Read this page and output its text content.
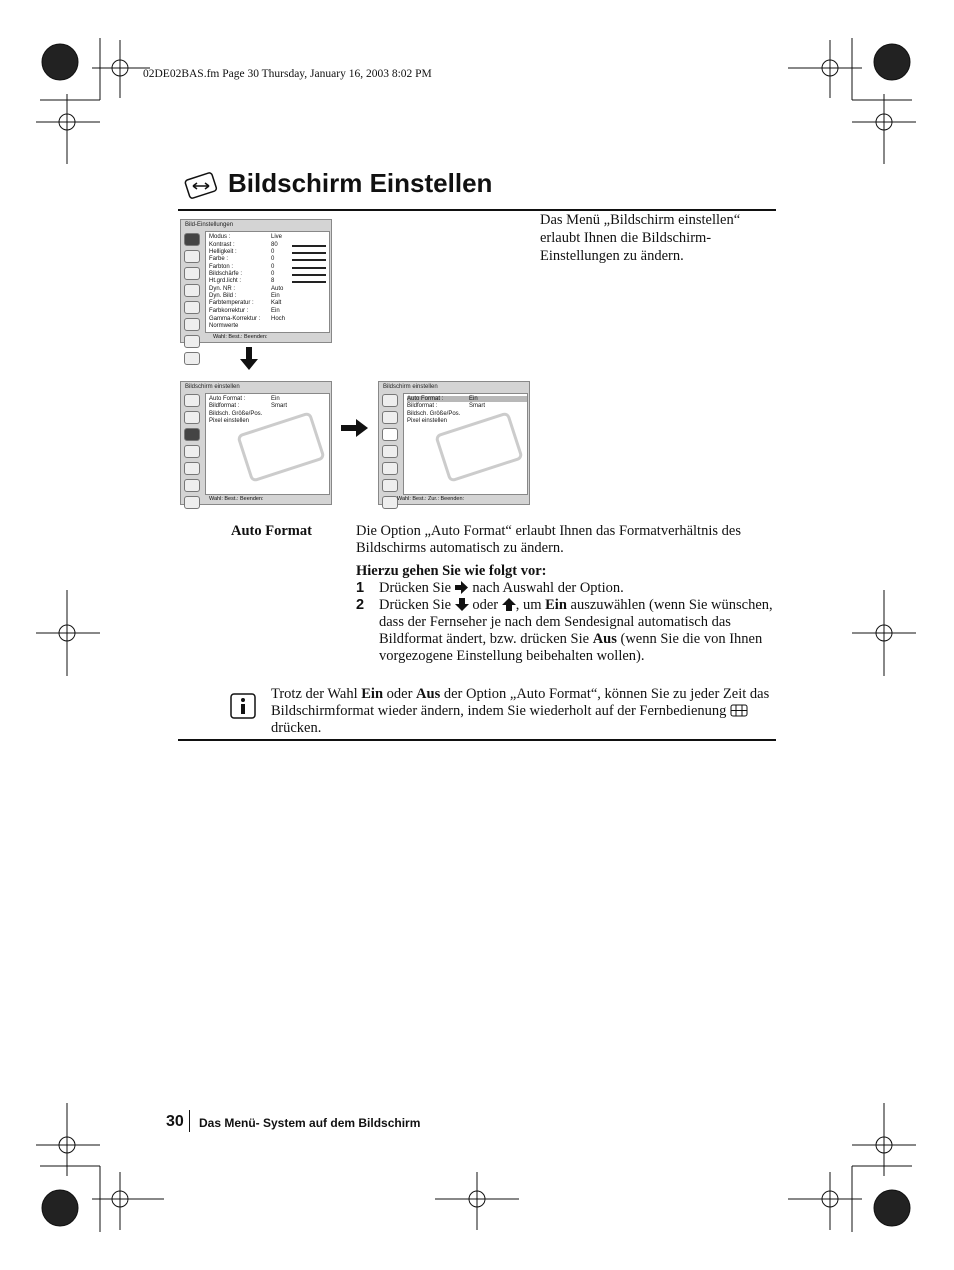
02DE02BAS.fm Page 30 Thursday, January 16, 2003 8:02 PM
Bildschirm Einstellen
Das Menü „Bildschirm einstellen“ erlaubt Ihnen die Bildschirm-Einstellungen zu ändern.
Bild-Einstellungen
Modus :	Live
Kontrast :	80
Helligkeit :	0
Farbe :	0
Farbton :	0
Bildschärfe :	0
Ht.grd.licht :	8
Dyn. NR :	Auto
Dyn. Bild :	Ein
Farbtemperatur :	Kalt
Farbkorrektur :	Ein
Gamma-Korrektur : Hoch
Normwerte
Wahl: Best.: Beenden:
Bildschirm einstellen
Auto Format :	Ein
Bildformat :	Smart
Bildsch. Größe/Pos.
Pixel einstellen
Wahl: Best.: Beenden:
Bildschirm einstellen
Auto Format :	Ein
Bildformat :	Smart
Bildsch. Größe/Pos.
Pixel einstellen
Wahl: Best.: Zur.: Beenden:
Auto Format	Die Option „Auto Format“ erlaubt Ihnen das Formatverhältnis des Bildschirms automatisch zu ändern.
Hierzu gehen Sie wie folgt vor:
1 Drücken Sie nach Auswahl der Option.
2 Drücken Sie oder , um Ein auszuwählen (wenn Sie wünschen, dass der Fernseher je nach dem Sendesignal automatisch das Bildformat ändert, bzw. drücken Sie Aus (wenn Sie die von Ihnen vorgezogene Einstellung beibehalten wollen).
Trotz der Wahl Ein oder Aus der Option „Auto Format“, können Sie zu jeder Zeit das Bildschirmformat wieder ändern, indem Sie wiederholt auf der Fernbedienung  drücken.
30 Das Menü- System auf dem Bildschirm
